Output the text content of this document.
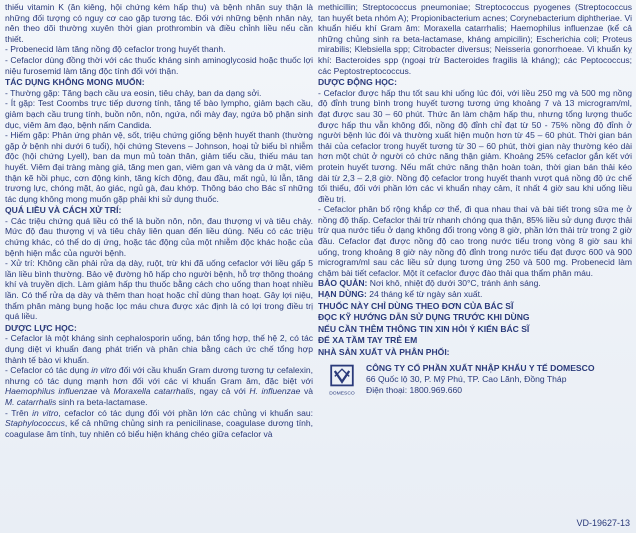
thiếu vitamin K (ăn kiêng, hội chứng kém hấp thu) và bệnh nhân suy thận là những đối tượng có nguy cơ cao gặp tương tác. Đối với những bệnh nhân này, nên theo dõi thường xuyên thời gian prothrombin và điều chỉnh liều nếu cần thiết.

- Probenecid làm tăng nồng độ cefaclor trong huyết thanh.

- Cefaclor dùng đồng thời với các thuốc kháng sinh aminoglycosid hoặc thuốc lợi niệu furosemid làm tăng độc tính đối với thận.

TÁC DỤNG KHÔNG MONG MUỐN:

- Thường gặp: Tăng bạch cầu ưa eosin, tiêu chảy, ban da dạng sởi.

- Ít gặp: Test Coombs trực tiếp dương tính, tăng tế bào lympho, giảm bạch cầu, giảm bạch cầu trung tính, buồn nôn, nôn, ngứa, nổi mày đay, ngứa bộ phận sinh dục, viêm âm đạo, bệnh nấm Candida.

- Hiếm gặp: Phản ứng phản vệ, sốt, triệu chứng giống bệnh huyết thanh (thường gặp ở bệnh nhi dưới 6 tuổi), hội chứng Stevens – Johnson, hoại tử biểu bì nhiễm độc (hội chứng Lyell), ban da mụn mủ toàn thân, giảm tiểu cầu, thiếu máu tan huyết. Viêm đại tràng màng giả, tăng men gan, viêm gan và vàng da ứ mật, viêm thận kẽ hồi phục, cơn động kinh, tăng kích động, đau đầu, mất ngủ, lú lẫn, tăng trương lực, chóng mặt, ảo giác, ngủ gà, đau khớp. Thông báo cho Bác sĩ những tác dụng không mong muốn gặp phải khi sử dụng thuốc.

QUÁ LIỀU VÀ CÁCH XỬ TRÍ:

- Các triệu chứng quá liều có thể là buồn nôn, nôn, đau thượng vị và tiêu chảy. Mức độ đau thượng vị và tiêu chảy liên quan đến liều dùng. Nếu có các triệu chứng khác, có thể do dị ứng, hoặc tác động của một nhiễm độc khác hoặc của bệnh hiện mắc của người bệnh.

- Xử trí: Không cần phải rửa dạ dày, ruột, trừ khi đã uống cefaclor với liều gấp 5 lần liều bình thường. Bảo vệ đường hô hấp cho người bệnh, hỗ trợ thông thoáng khí và truyền dịch. Làm giảm hấp thu thuốc bằng cách cho uống than hoạt nhiều lần. Có thể rửa dạ dày và thêm than hoạt hoặc chỉ dùng than hoạt. Gây lợi niệu, thẩm phân màng bụng hoặc lọc máu chưa được xác định là có lợi trong điều trị quá liều.

DƯỢC LỰC HỌC:

- Cefaclor là một kháng sinh cephalosporin uống, bán tổng hợp, thế hệ 2, có tác dụng diệt vi khuẩn đang phát triển và phân chia bằng cách ức chế tổng hợp thành tế bào vi khuẩn.

- Cefaclor có tác dụng in vitro đối với cầu khuẩn Gram dương tương tự cefalexin, nhưng có tác dụng mạnh hơn đối với các vi khuẩn Gram âm, đặc biệt với Haemophilus influenzae và Moraxella catarrhalis, ngay cả với H. influenzae và M. catarrhalis sinh ra beta-lactamase.

- Trên in vitro, cefaclor có tác dụng đối với phần lớn các chủng vi khuẩn sau: Staphylococcus, kể cả những chủng sinh ra penicilinase, coagulase dương tính, coagulase âm tính, tuy nhiên có biểu hiện kháng chéo giữa cefaclor và

methicillin; Streptococcus pneumoniae; Streptococcus pyogenes (Streptococcus tan huyết beta nhóm A); Propionibacterium acnes; Corynebacterium diphtheriae. Vi khuẩn hiếu khí Gram âm: Moraxella catarrhalis; Haemophilus influenzae (kể cả những chủng sinh ra beta-lactamase, kháng ampicilin); Escherichia coli; Proteus mirabilis; Klebsiella spp; Citrobacter diversus; Neisseria gonorrhoeae. Vi khuẩn kỵ khí: Bacteroides spp (ngoại trừ Bacteroides fragilis là kháng); các Peptococcus; các Peptostreptococcus.

DƯỢC ĐỘNG HỌC:

- Cefaclor được hấp thu tốt sau khi uống lúc đói, với liều 250 mg và 500 mg nồng độ đỉnh trung bình trong huyết tương tương ứng khoảng 7 và 13 microgram/ml, đạt được sau 30 – 60 phút. Thức ăn làm chậm hấp thu, nhưng tổng lượng thuốc được hấp thu vẫn không đổi, nồng độ đỉnh chỉ đạt từ 50 - 75% nồng độ đỉnh ở người bệnh lúc đói và thường xuất hiện muộn hơn từ 45 – 60 phút. Thời gian bán thải của cefaclor trong huyết tương từ 30 – 60 phút, thời gian này thường kéo dài hơn một chút ở người có chức năng thận giảm. Khoảng 25% cefaclor gắn kết với protein huyết tương. Nếu mất chức năng thận hoàn toàn, thời gian bán thải kéo dài từ 2,3 – 2,8 giờ. Nồng độ cefaclor trong huyết thanh vượt quá nồng độ ức chế tối thiểu, đối với phần lớn các vi khuẩn nhạy cảm, ít nhất 4 giờ sau khi uống liều điều trị.

- Cefaclor phân bố rộng khắp cơ thể, đi qua nhau thai và bài tiết trong sữa mẹ ở nồng độ thấp. Cefaclor thải trừ nhanh chóng qua thận, 85% liều sử dụng được thải trừ qua nước tiểu ở dạng không đổi trong vòng 8 giờ, phần lớn thải trừ trong 2 giờ đầu. Cefaclor đạt được nồng độ cao trong nước tiểu trong vòng 8 giờ sau khi uống, trong khoảng 8 giờ này nồng độ đỉnh trong nước tiểu đạt được 600 và 900 microgram/ml sau các liều sử dụng tương ứng 250 và 500 mg. Probenecid làm chậm bài tiết cefaclor. Một ít cefaclor được đào thải qua thẩm phân máu.

BẢO QUẢN: Nơi khô, nhiệt độ dưới 30°C, tránh ánh sáng.

HẠN DÙNG: 24 tháng kể từ ngày sản xuất.

THUỐC NÀY CHỈ DÙNG THEO ĐƠN CỦA BÁC SĨ

ĐỌC KỸ HƯỚNG DẪN SỬ DỤNG TRƯỚC KHI DÙNG

NẾU CẦN THÊM THÔNG TIN XIN HỎI Ý KIẾN BÁC SĨ

ĐỂ XA TẦM TAY TRẺ EM

NHÀ SẢN XUẤT VÀ PHÂN PHỐI:

DOMESCO
CÔNG TY CỔ PHẦN XUẤT NHẬP KHẨU Y TẾ DOMESCO
66 Quốc lộ 30, P. Mỹ Phú, TP. Cao Lãnh, Đồng Tháp
Điện thoại: 1800.969.660
VD-19627-13
